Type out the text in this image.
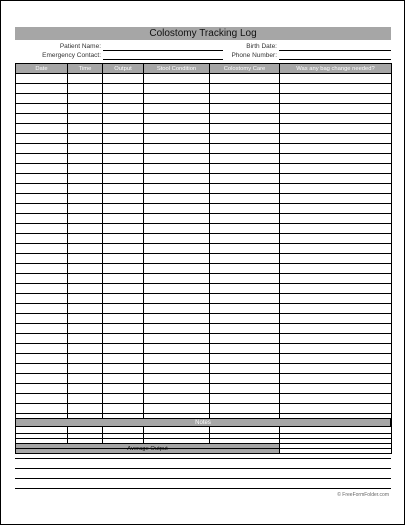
Colostomy Tracking Log
Patient Name:	Birth Date:
Emergency Contact:	Phone Number:
Date	Time	Output	Stool Condition	Colostomy Care	Was any bag change needed?

Average Output					
Notes
© FreeFormFolder.com
